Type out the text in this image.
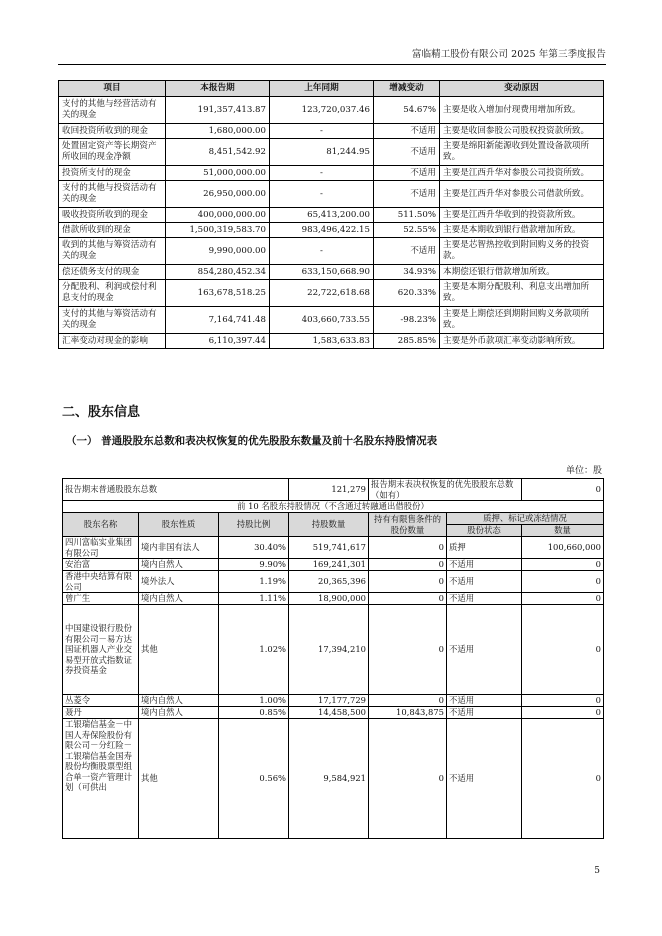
富临精工股份有限公司 2025 年第三季度报告
项目	本报告期	上年同期	增减变动	变动原因
支付的其他与经营活动有关的现金	191,357,413.87	123,720,037.46	54.67%	主要是收入增加付现费用增加所致。
收回投资所收到的现金	1,680,000.00	-	不适用	主要是收回参股公司股权投资款所致。
处置固定资产等长期资产所收回的现金净额	8,451,542.92	81,244.95	不适用	主要是绵阳新能源收到处置设备款项所致。
投资所支付的现金	51,000,000.00	-	不适用	主要是江西升华对参股公司投资所致。
支付的其他与投资活动有关的现金	26,950,000.00	-	不适用	主要是江西升华对参股公司借款所致。
吸收投资所收到的现金	400,000,000.00	65,413,200.00	511.50%	主要是江西升华收到的投资款所致。
借款所收到的现金	1,500,319,583.70	983,496,422.15	52.55%	主要是本期收到银行借款增加所致。
收到的其他与筹资活动有关的现金	9,990,000.00	-	不适用	主要是芯智热控收到附回购义务的投资款。
偿还债务支付的现金	854,280,452.34	633,150,668.90	34.93%	本期偿还银行借款增加所致。
分配股利、利润或偿付利息支付的现金	163,678,518.25	22,722,618.68	620.33%	主要是本期分配股利、利息支出增加所致。
支付的其他与筹资活动有关的现金	7,164,741.48	403,660,733.55	-98.23%	主要是上期偿还到期附回购义务款项所致。
汇率变动对现金的影响	6,110,397.44	1,583,633.83	285.85%	主要是外币款项汇率变动影响所致。
二、股东信息
（一） 普通股股东总数和表决权恢复的优先股股东数量及前十名股东持股情况表
单位：股
报告期末普通股股东总数			121,279	报告期末表决权恢复的优先股股东总数（如有）		0
前 10 名股东持股情况（不含通过转融通出借股份）						
股东名称	股东性质	持股比例	持股数量	持有有限售条件的股份数量	质押、标记或冻结情况	
					股份状态	数量
四川富临实业集团有限公司	境内非国有法人	30.40%	519,741,617	0	质押	100,660,000
安治富	境内自然人	9.90%	169,241,301	0	不适用	0
香港中央结算有限公司	境外法人	1.19%	20,365,396	0	不适用	0
曾广生	境内自然人	1.11%	18,900,000	0	不适用	0
中国建设银行股份有限公司－易方达国证机器人产业交易型开放式指数证券投资基金	其他	1.02%	17,394,210	0	不适用	0
丛菱令	境内自然人	1.00%	17,177,729	0	不适用	0
聂丹	境内自然人	0.85%	14,458,500	10,843,875	不适用	0
工银瑞信基金－中国人寿保险股份有限公司－分红险－工银瑞信基金国寿股份均衡股票型组合单一资产管理计划（可供出	其他	0.56%	9,584,921	0	不适用	0
5
